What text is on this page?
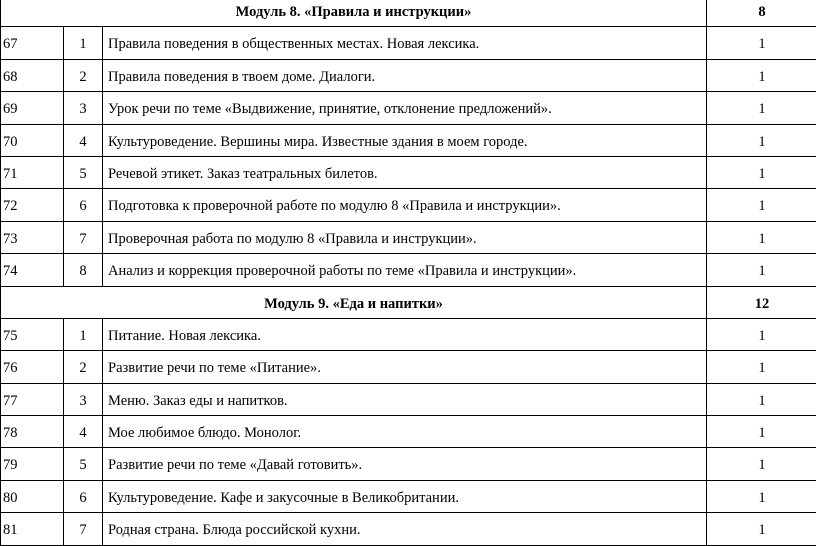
Модуль 8. «Правила и инструкции»			8

67	1	Правила поведения в общественных местах. Новая лексика.	1

68	2	Правила поведения в твоем доме. Диалоги.	1

69	3	Урок речи по теме «Выдвижение, принятие, отклонение предложений».	1

70	4	Культуроведение. Вершины мира. Известные здания в моем городе.	1

71	5	Речевой этикет. Заказ театральных билетов.	1

72	6	Подготовка к проверочной работе по модулю 8 «Правила и инструкции».	1

73	7	Проверочная работа по модулю 8 «Правила и инструкции».	1

74	8	Анализ и коррекция проверочной работы по теме «Правила и инструкции».	1

Модуль 9. «Еда и напитки»			12

75	1	Питание. Новая лексика.	1

76	2	Развитие речи по теме «Питание».	1

77	3	Меню. Заказ еды и напитков.	1

78	4	Мое любимое блюдо. Монолог.	1

79	5	Развитие речи по теме «Давай готовить».	1

80	6	Культуроведение. Кафе и закусочные в Великобритании.	1

81	7	Родная страна. Блюда российской кухни.	1
